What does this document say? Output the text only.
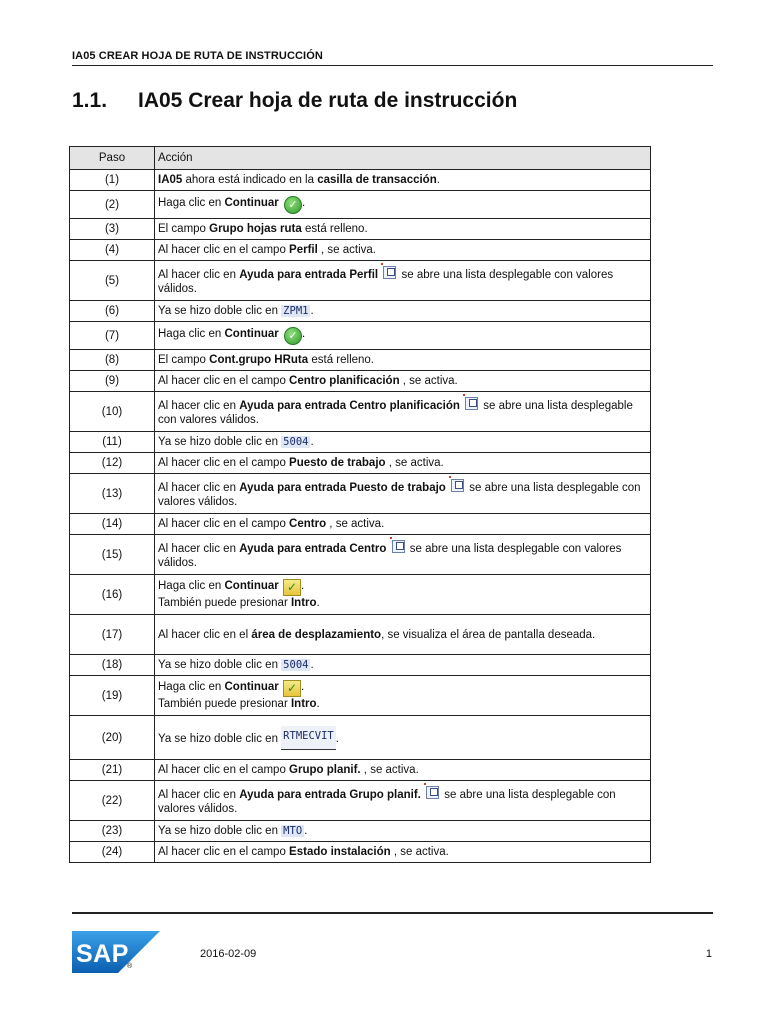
IA05 CREAR HOJA DE RUTA DE INSTRUCCIÓN
1.1. IA05 Crear hoja de ruta de instrucción
Paso	Acción
(1)	IA05 ahora está indicado en la casilla de transacción.
(2)	Haga clic en Continuar ✓ .
(3)	El campo Grupo hojas ruta está relleno.
(4)	Al hacer clic en el campo Perfil , se activa.
(5)	Al hacer clic en Ayuda para entrada Perfil  se abre una lista desplegable con valores válidos.
(6)	Ya se hizo doble clic en ZPM1 .
(7)	Haga clic en Continuar ✓ .
(8)	El campo Cont.grupo HRuta está relleno.
(9)	Al hacer clic en el campo Centro planificación , se activa.
(10)	Al hacer clic en Ayuda para entrada Centro planificación  se abre una lista desplegable con valores válidos.
(11)	Ya se hizo doble clic en 5004 .
(12)	Al hacer clic en el campo Puesto de trabajo , se activa.
(13)	Al hacer clic en Ayuda para entrada Puesto de trabajo  se abre una lista desplegable con valores válidos.
(14)	Al hacer clic en el campo Centro , se activa.
(15)	Al hacer clic en Ayuda para entrada Centro  se abre una lista desplegable con valores válidos.
(16)	Haga clic en Continuar ✓ .
También puede presionar Intro.
(17)	Al hacer clic en el área de desplazamiento, se visualiza el área de pantalla deseada.
(18)	Ya se hizo doble clic en 5004 .
(19)	Haga clic en Continuar ✓ .
También puede presionar Intro.
(20)	Ya se hizo doble clic en RTMECVIT .
(21)	Al hacer clic en el campo Grupo planif. , se activa.
(22)	Al hacer clic en Ayuda para entrada Grupo planif.  se abre una lista desplegable con valores válidos.
(23)	Ya se hizo doble clic en MTO .
(24)	Al hacer clic en el campo Estado instalación , se activa.
SAP
®
2016-02-09	1
